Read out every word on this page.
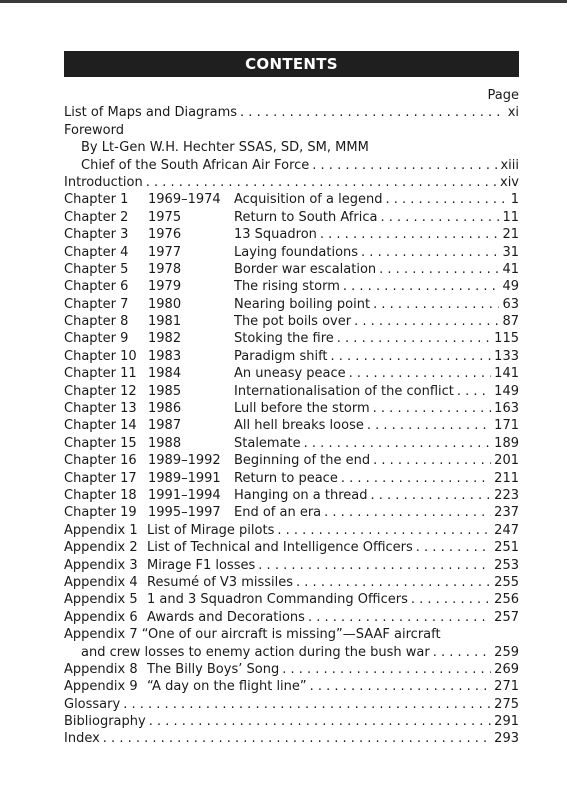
CONTENTS
Page
List of Maps and Diagrams . . .	xi
Foreword
By Lt-Gen W.H. Hechter SSAS, SD, SM, MMM
Chief of the South African Air Force . . .	xiii
Introduction . . .	xiv
Chapter 1	1969–1974	Acquisition of a legend . . .	1
Chapter 2	1975	Return to South Africa . . .	11
Chapter 3	1976	13 Squadron . . .	21
Chapter 4	1977	Laying foundations . . .	31
Chapter 5	1978	Border war escalation . . .	41
Chapter 6	1979	The rising storm . . .	49
Chapter 7	1980	Nearing boiling point . . .	63
Chapter 8	1981	The pot boils over . . .	87
Chapter 9	1982	Stoking the fire . . .	115
Chapter 10 1983	Paradigm shift . . .	133
Chapter 11 1984	An uneasy peace . . .	141
Chapter 12 1985	Internationalisation of the conflict . . .	149
Chapter 13 1986	Lull before the storm . . .	163
Chapter 14 1987	All hell breaks loose . . .	171
Chapter 15 1988	Stalemate . . .	189
Chapter 16 1989–1992	Beginning of the end . . .	201
Chapter 17 1989–1991	Return to peace . . .	211
Chapter 18 1991–1994	Hanging on a thread . . .	223
Chapter 19 1995–1997	End of an era . . .	237
Appendix 1 List of Mirage pilots . . .	247
Appendix 2 List of Technical and Intelligence Officers . . .	251
Appendix 3 Mirage F1 losses . . .	253
Appendix 4 Resumé of V3 missiles . . .	255
Appendix 5 1 and 3 Squadron Commanding Officers . . .	256
Appendix 6 Awards and Decorations . . .	257
Appendix 7 “One of our aircraft is missing”—SAAF aircraft
and crew losses to enemy action during the bush war . . .	259
Appendix 8 The Billy Boys’ Song . . .	269
Appendix 9 “A day on the flight line” . . .	271
Glossary . . .	275
Bibliography . . .	291
Index . . .	293
